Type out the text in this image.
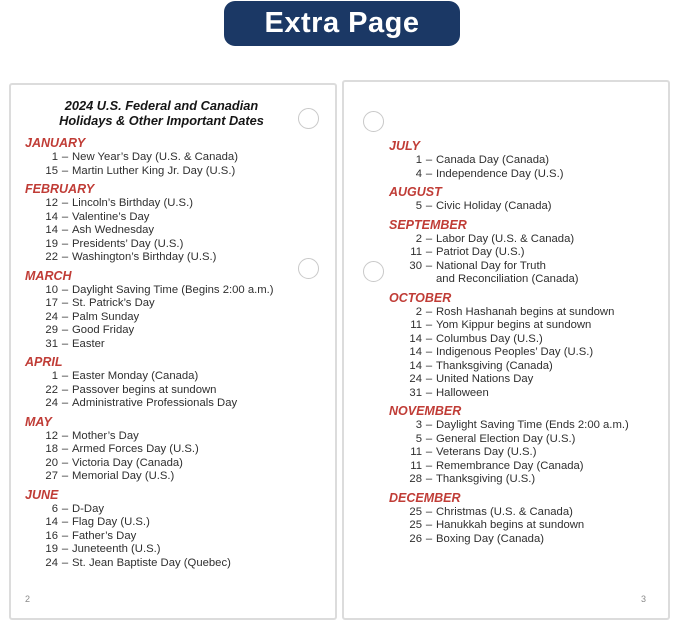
Extra Page
2024 U.S. Federal and Canadian
Holidays & Other Important Dates
JANUARY
1 – New Year’s Day (U.S. & Canada)
15 – Martin Luther King Jr. Day (U.S.)
FEBRUARY
12 – Lincoln’s Birthday (U.S.)
14 – Valentine’s Day
14 – Ash Wednesday
19 – Presidents’ Day (U.S.)
22 – Washington’s Birthday (U.S.)
MARCH
10 – Daylight Saving Time (Begins 2:00 a.m.)
17 – St. Patrick’s Day
24 – Palm Sunday
29 – Good Friday
31 – Easter
APRIL
1 – Easter Monday (Canada)
22 – Passover begins at sundown
24 – Administrative Professionals Day
MAY
12 – Mother’s Day
18 – Armed Forces Day (U.S.)
20 – Victoria Day (Canada)
27 – Memorial Day (U.S.)
JUNE
6 – D-Day
14 – Flag Day (U.S.)
16 – Father’s Day
19 – Juneteenth (U.S.)
24 – St. Jean Baptiste Day (Quebec)
2
JULY
1 – Canada Day (Canada)
4 – Independence Day (U.S.)
AUGUST
5 – Civic Holiday (Canada)
SEPTEMBER
2 – Labor Day (U.S. & Canada)
11 – Patriot Day (U.S.)
30 – National Day for Truth
and Reconciliation (Canada)
OCTOBER
2 – Rosh Hashanah begins at sundown
11 – Yom Kippur begins at sundown
14 – Columbus Day (U.S.)
14 – Indigenous Peoples’ Day (U.S.)
14 – Thanksgiving (Canada)
24 – United Nations Day
31 – Halloween
NOVEMBER
3 – Daylight Saving Time (Ends 2:00 a.m.)
5 – General Election Day (U.S.)
11 – Veterans Day (U.S.)
11 – Remembrance Day (Canada)
28 – Thanksgiving (U.S.)
DECEMBER
25 – Christmas (U.S. & Canada)
25 – Hanukkah begins at sundown
26 – Boxing Day (Canada)
3
